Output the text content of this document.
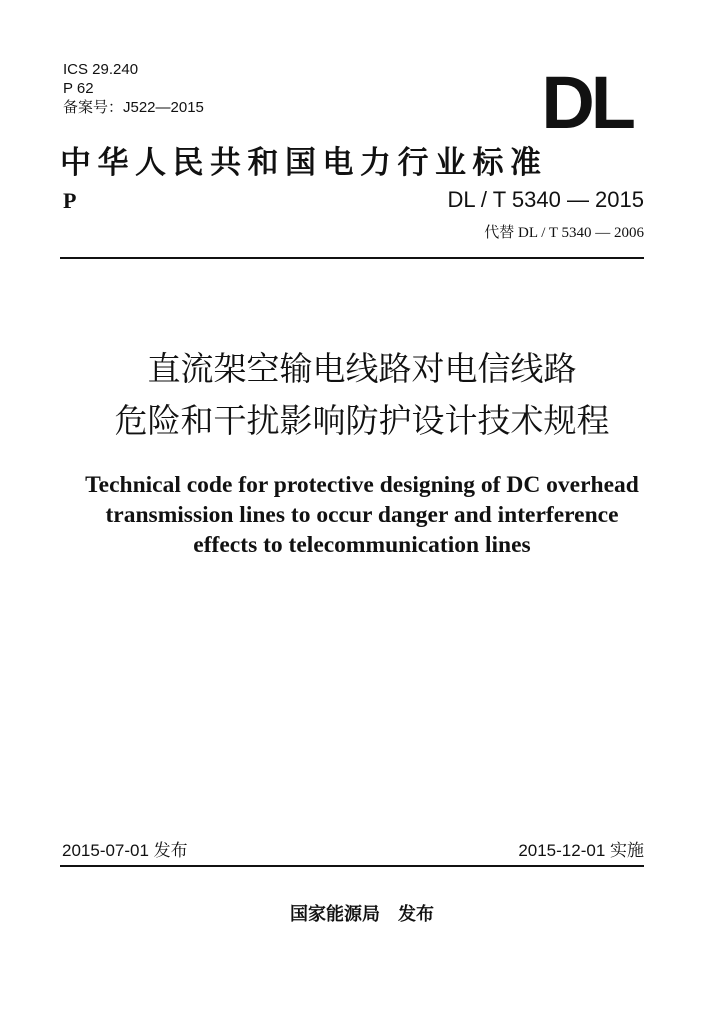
ICS 29.240
P 62
备案号：J522—2015	DL
中华人民共和国电力行业标准
P	DL / T 5340 — 2015
代替 DL / T 5340 — 2006
直流架空输电线路对电信线路
危险和干扰影响防护设计技术规程
Technical code for protective designing of DC overhead
transmission lines to occur danger and interference
effects to telecommunication lines
2015-07-01 发布	2015-12-01 实施
国家能源局 发布
